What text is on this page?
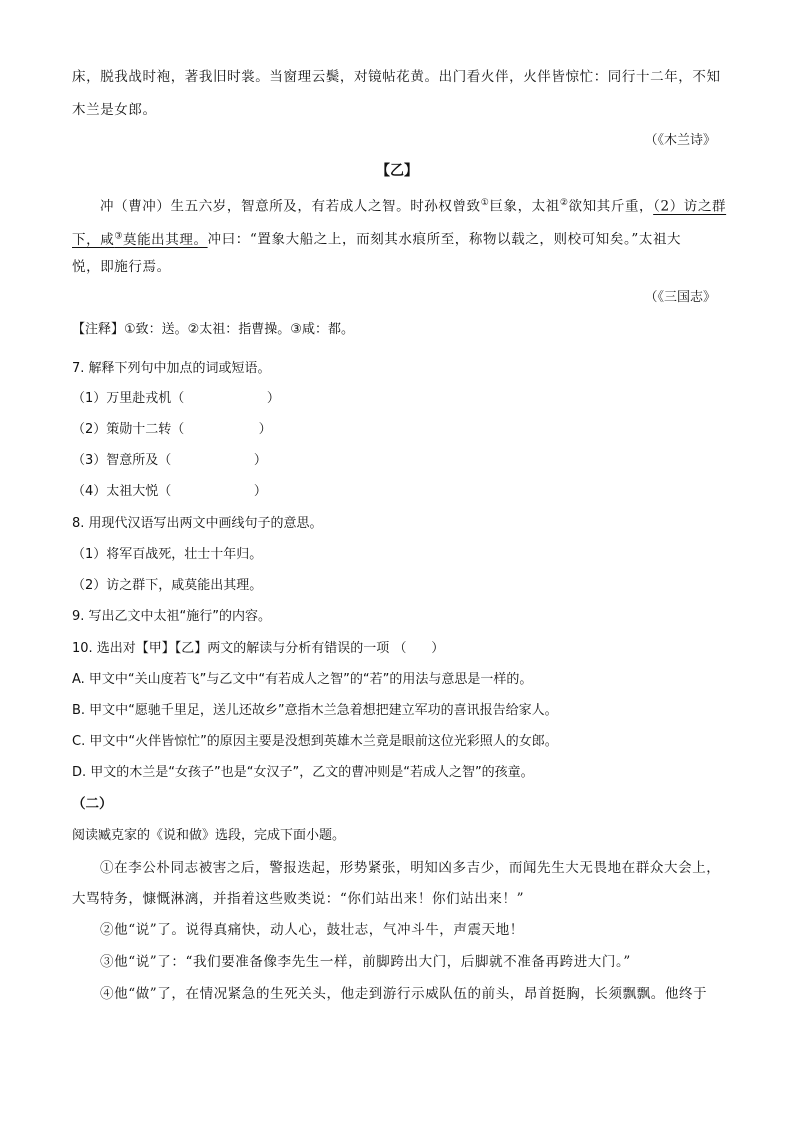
床，脱我战时袍，著我旧时裳。当窗理云鬓，对镜帖花黄。出门看火伴，火伴皆惊忙：同行十二年，不知
木兰是女郎。
（《木兰诗》
【乙】
冲（曹冲）生五六岁，智意所及，有若成人之智。时孙权曾致①巨象，太祖②欲知其斤重，（2）访之群
下，咸③莫能出其理。冲曰：“置象大船之上，而刻其水痕所至，称物以载之，则校可知矣。”太祖大
悦，即施行焉。
（《三国志》
【注释】①致：送。②太祖：指曹操。③咸：都。
7. 解释下列句中加点的词或短语。
（1）万里赴戎机（                    ）
（2）策勋十二转（                  ）
（3）智意所及（                    ）
（4）太祖大悦（                    ）
8. 用现代汉语写出两文中画线句子的意思。
（1）将军百战死，壮士十年归。
（2）访之群下，咸莫能出其理。
9. 写出乙文中太祖“施行”的内容。
10. 选出对【甲】【乙】两文的解读与分析有错误的一项 （      ）
A. 甲文中“关山度若飞”与乙文中“有若成人之智”的“若”的用法与意思是一样的。
B. 甲文中“愿驰千里足，送儿还故乡”意指木兰急着想把建立军功的喜讯报告给家人。
C. 甲文中“火伴皆惊忙”的原因主要是没想到英雄木兰竟是眼前这位光彩照人的女郎。
D. 甲文的木兰是“女孩子”也是“女汉子”，乙文的曹冲则是“若成人之智”的孩童。
（二）
阅读臧克家的《说和做》选段，完成下面小题。
①在李公朴同志被害之后，警报迭起，形势紧张，明知凶多吉少，而闻先生大无畏地在群众大会上，
大骂特务，慷慨淋漓，并指着这些败类说：“你们站出来！你们站出来！”
②他“说”了。说得真痛快，动人心，鼓壮志，气冲斗牛，声震天地！
③他“说”了：“我们要准备像李先生一样，前脚跨出大门，后脚就不准备再跨进大门。”
④他“做”了，在情况紧急的生死关头，他走到游行示威队伍的前头，昂首挺胸，长须飘飘。他终于
